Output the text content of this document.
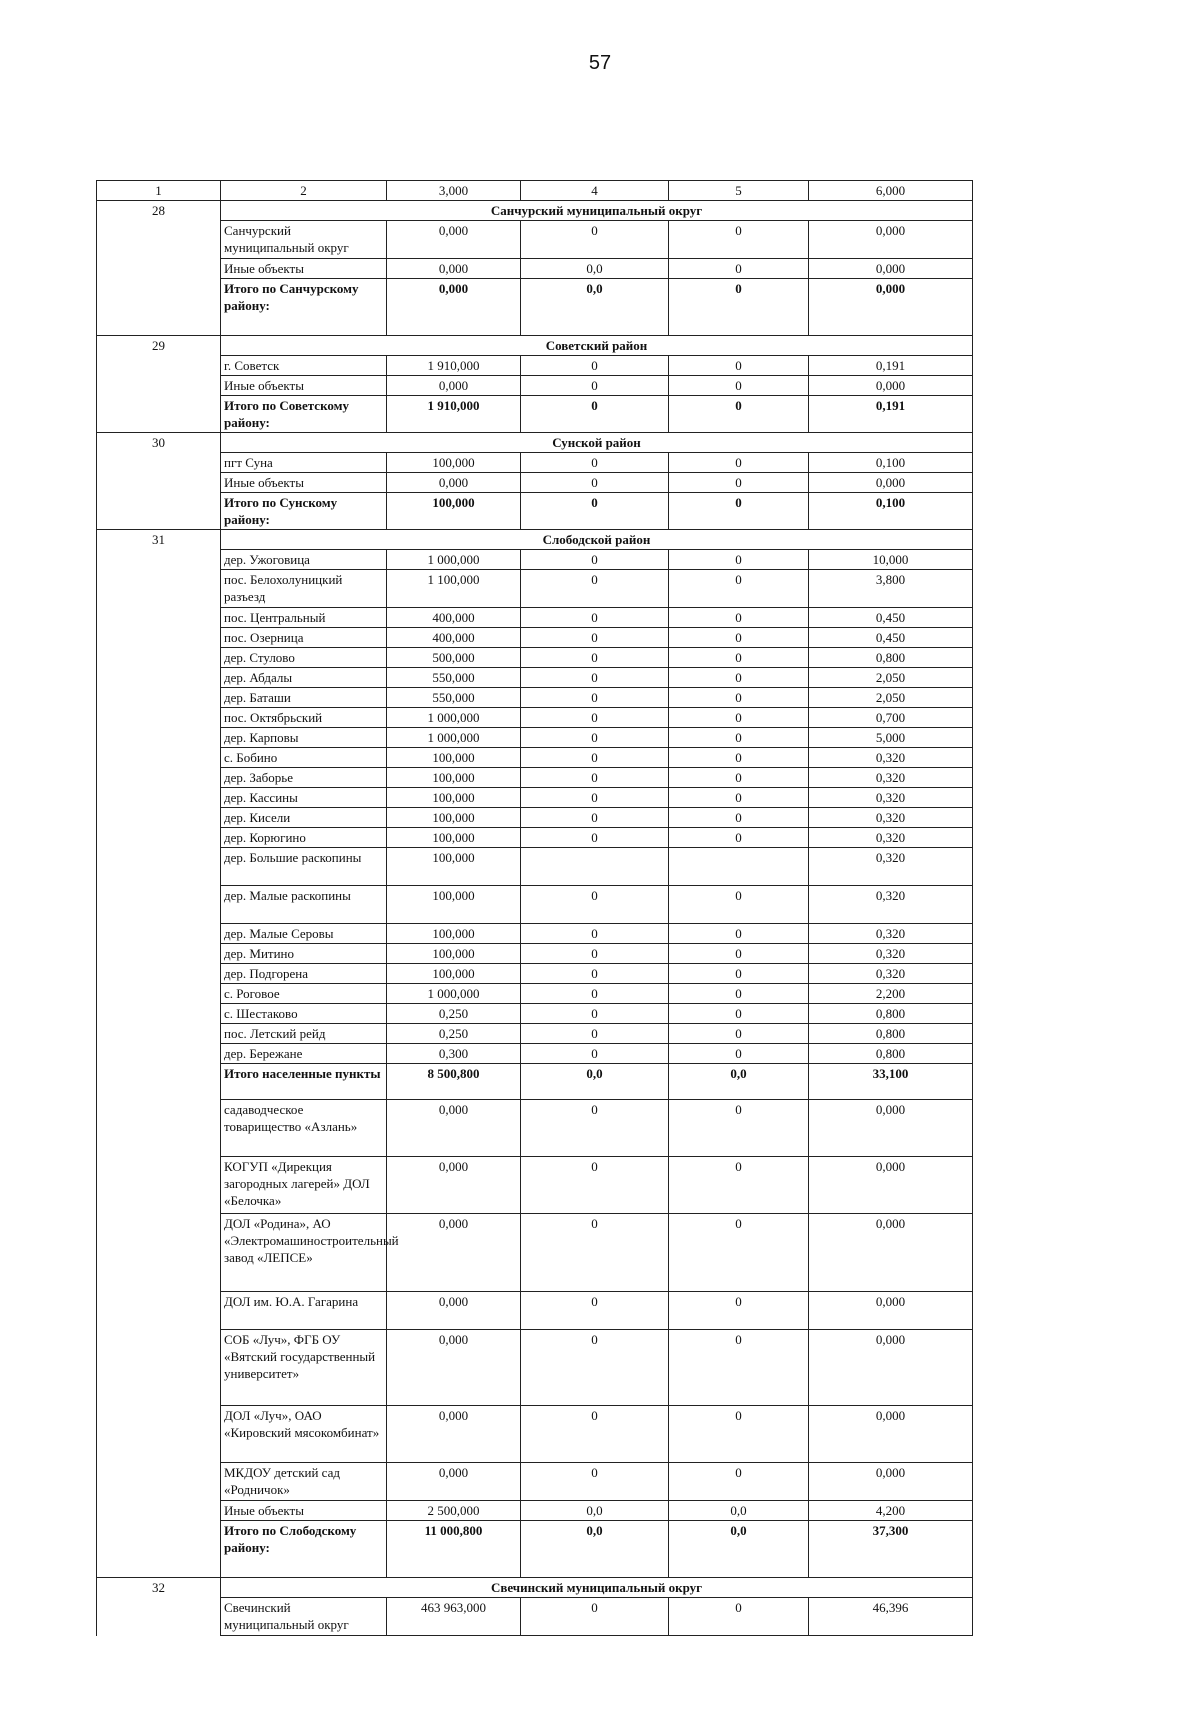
57
1	2	3,000	4	5	6,000
28	Санчурский муниципальный округ				
	Санчурский муниципальный округ	0,000	0	0	0,000
	Иные объекты	0,000	0,0	0	0,000
	Итого по Санчурскому району:	0,000	0,0	0	0,000
29	Советский район				
	г. Советск	1 910,000	0	0	0,191
	Иные объекты	0,000	0	0	0,000
	Итого по Советскому району:	1 910,000	0	0	0,191
30	Сунской район				
	пгт Суна	100,000	0	0	0,100
	Иные объекты	0,000	0	0	0,000
	Итого по Сунскому району:	100,000	0	0	0,100
31	Слободской район				
	дер. Ужоговица	1 000,000	0	0	10,000
	пос. Белохолуницкий разъезд	1 100,000	0	0	3,800
	пос. Центральный	400,000	0	0	0,450
	пос. Озерница	400,000	0	0	0,450
	дер. Стулово	500,000	0	0	0,800
	дер. Абдалы	550,000	0	0	2,050
	дер. Баташи	550,000	0	0	2,050
	пос. Октябрьский	1 000,000	0	0	0,700
	дер. Карповы	1 000,000	0	0	5,000
	с. Бобино	100,000	0	0	0,320
	дер. Заборье	100,000	0	0	0,320
	дер. Кассины	100,000	0	0	0,320
	дер. Кисели	100,000	0	0	0,320
	дер. Корюгино	100,000	0	0	0,320
	дер. Большие раскопины	100,000			0,320
	дер. Малые раскопины	100,000	0	0	0,320
	дер. Малые Серовы	100,000	0	0	0,320
	дер. Митино	100,000	0	0	0,320
	дер. Подгорена	100,000	0	0	0,320
	с. Роговое	1 000,000	0	0	2,200
	с. Шестаково	0,250	0	0	0,800
	пос. Летский рейд	0,250	0	0	0,800
	дер. Бережане	0,300	0	0	0,800
	Итого населенные пункты	8 500,800	0,0	0,0	33,100
	садаводческое товарищество «Азлань»	0,000	0	0	0,000
	КОГУП «Дирекция загородных лагерей» ДОЛ «Белочка»	0,000	0	0	0,000
	ДОЛ «Родина», АО «Электромашиностроительный завод «ЛЕПСЕ»	0,000	0	0	0,000
	ДОЛ им. Ю.А. Гагарина	0,000	0	0	0,000
	СОБ «Луч», ФГБ ОУ «Вятский государственный университет»	0,000	0	0	0,000
	ДОЛ «Луч», ОАО «Кировский мясокомбинат»	0,000	0	0	0,000
	МКДОУ детский сад «Родничок»	0,000	0	0	0,000
	Иные объекты	2 500,000	0,0	0,0	4,200
	Итого по Слободскому району:	11 000,800	0,0	0,0	37,300
32	Свечинский муниципальный округ				
	Свечинский муниципальный округ	463 963,000	0	0	46,396
